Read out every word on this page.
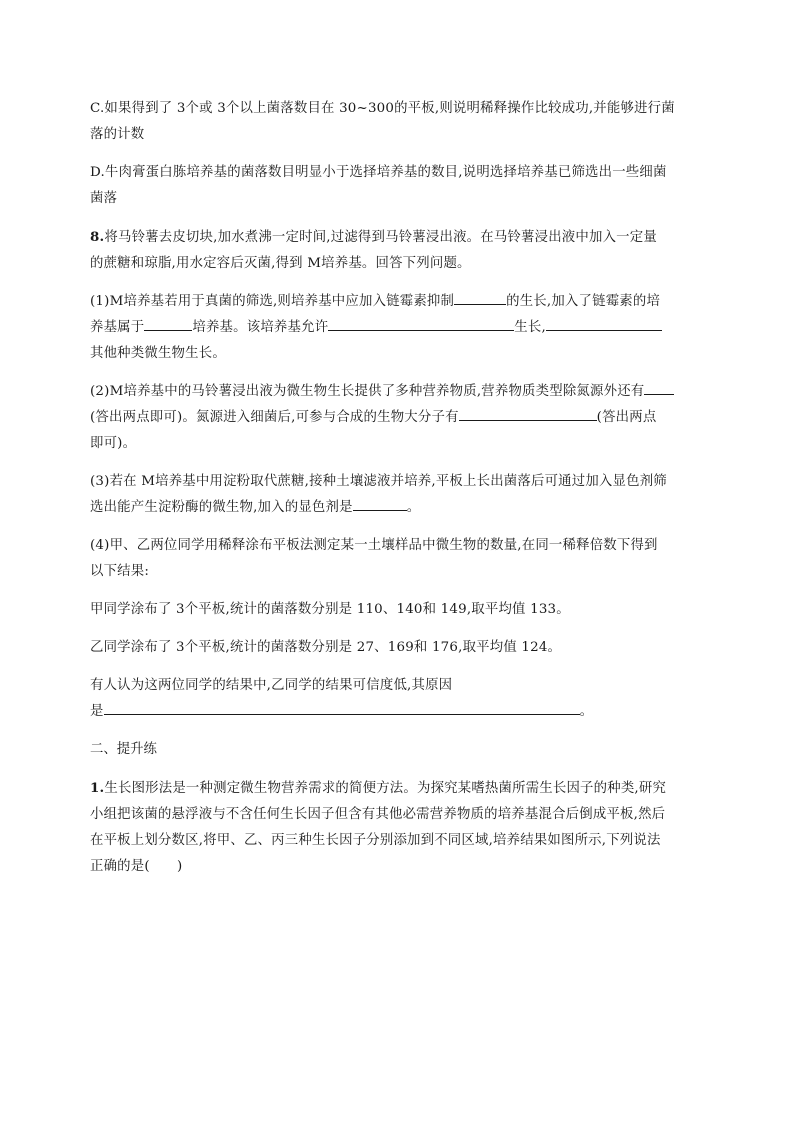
C.如果得到了 3个或 3个以上菌落数目在 30~300的平板,则说明稀释操作比较成功,并能够进行菌
落的计数

D.牛肉膏蛋白胨培养基的菌落数目明显小于选择培养基的数目,说明选择培养基已筛选出一些细菌
菌落

8.将马铃薯去皮切块,加水煮沸一定时间,过滤得到马铃薯浸出液。在马铃薯浸出液中加入一定量
的蔗糖和琼脂,用水定容后灭菌,得到 M培养基。回答下列问题。

(1)M培养基若用于真菌的筛选,则培养基中应加入链霉素抑制	的生长,加入了链霉素的培
养基属于	培养基。该培养基允许	生长,
其他种类微生物生长。

(2)M培养基中的马铃薯浸出液为微生物生长提供了多种营养物质,营养物质类型除氮源外还有
(答出两点即可)。氮源进入细菌后,可参与合成的生物大分子有	(答出两点
即可)。

(3)若在 M培养基中用淀粉取代蔗糖,接种土壤滤液并培养,平板上长出菌落后可通过加入显色剂筛
选出能产生淀粉酶的微生物,加入的显色剂是	。

(4)甲、乙两位同学用稀释涂布平板法测定某一土壤样品中微生物的数量,在同一稀释倍数下得到
以下结果:

甲同学涂布了 3个平板,统计的菌落数分别是 110、140和 149,取平均值 133。

乙同学涂布了 3个平板,统计的菌落数分别是 27、169和 176,取平均值 124。

有人认为这两位同学的结果中,乙同学的结果可信度低,其原因
是	。

二、提升练

1.生长图形法是一种测定微生物营养需求的简便方法。为探究某嗜热菌所需生长因子的种类,研究
小组把该菌的悬浮液与不含任何生长因子但含有其他必需营养物质的培养基混合后倒成平板,然后
在平板上划分数区,将甲、乙、丙三种生长因子分别添加到不同区域,培养结果如图所示,下列说法
正确的是(　　)
